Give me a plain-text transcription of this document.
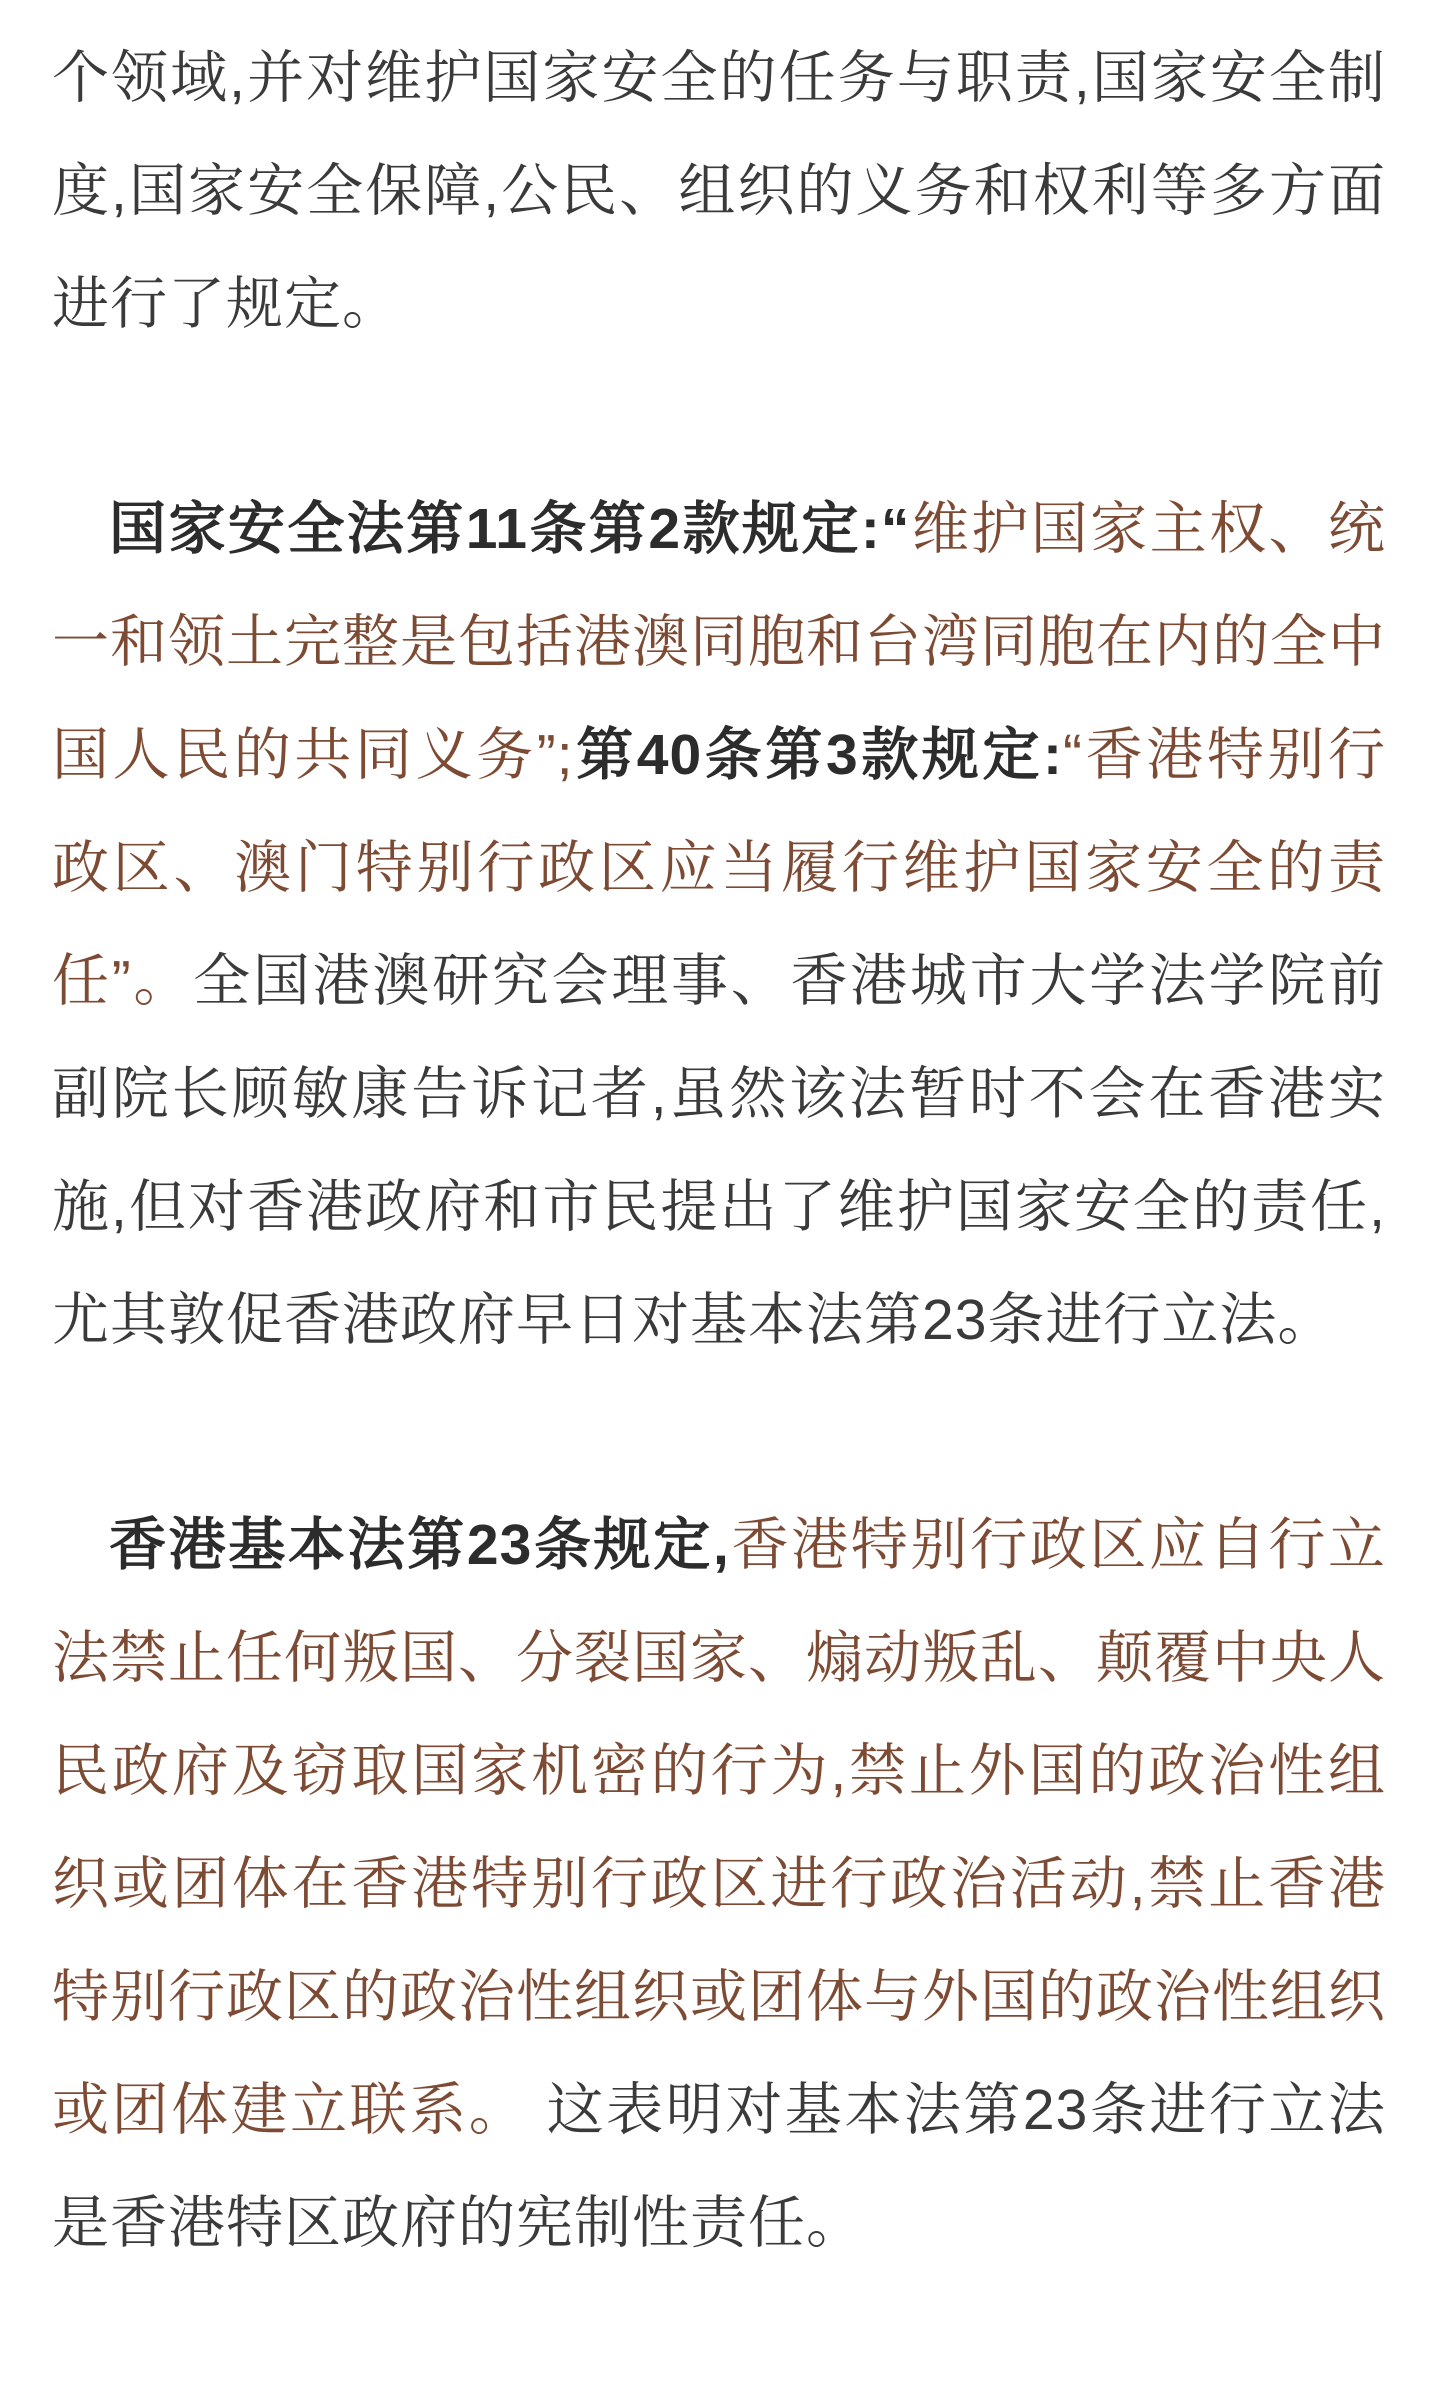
个领域,并对维护国家安全的任务与职责,国家安全制度,国家安全保障,公民、组织的义务和权利等多方面进行了规定。

国家安全法第11条第2款规定:“维护国家主权、统一和领土完整是包括港澳同胞和台湾同胞在内的全中国人民的共同义务”;第40条第3款规定:“香港特别行政区、澳门特别行政区应当履行维护国家安全的责任”。全国港澳研究会理事、香港城市大学法学院前副院长顾敏康告诉记者,虽然该法暂时不会在香港实施,但对香港政府和市民提出了维护国家安全的责任,尤其敦促香港政府早日对基本法第23条进行立法。

香港基本法第23条规定,香港特别行政区应自行立法禁止任何叛国、分裂国家、煽动叛乱、颠覆中央人民政府及窃取国家机密的行为,禁止外国的政治性组织或团体在香港特别行政区进行政治活动,禁止香港特别行政区的政治性组织或团体与外国的政治性组织或团体建立联系。 这表明对基本法第23条进行立法是香港特区政府的宪制性责任。
